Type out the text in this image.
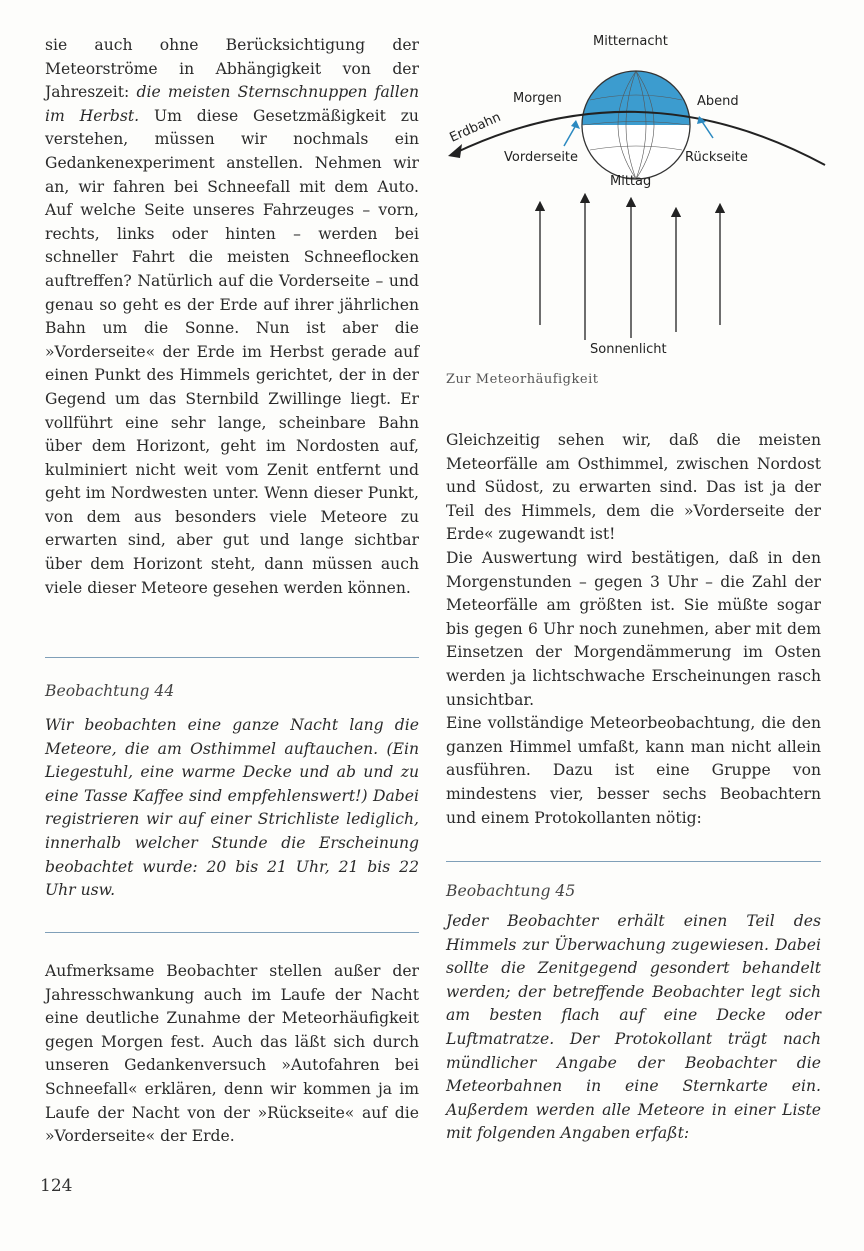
sie auch ohne Berücksichtigung der Meteorströme in Abhängigkeit von der Jahreszeit: die meisten Sternschnuppen fallen im Herbst. Um diese Gesetzmäßigkeit zu verstehen, müssen wir nochmals ein Gedankenexperiment anstellen. Nehmen wir an, wir fahren bei Schneefall mit dem Auto. Auf welche Seite unseres Fahrzeuges – vorn, rechts, links oder hinten – werden bei schneller Fahrt die meisten Schneeflocken auftreffen? Natürlich auf die Vorderseite – und genau so geht es der Erde auf ihrer jährlichen Bahn um die Sonne. Nun ist aber die »Vorderseite« der Erde im Herbst gerade auf einen Punkt des Himmels gerichtet, der in der Gegend um das Sternbild Zwillinge liegt. Er vollführt eine sehr lange, scheinbare Bahn über dem Horizont, geht im Nordosten auf, kulminiert nicht weit vom Zenit entfernt und geht im Nordwesten unter. Wenn dieser Punkt, von dem aus besonders viele Meteore zu erwarten sind, aber gut und lange sichtbar über dem Horizont steht, dann müssen auch viele dieser Meteore gesehen werden können.

Beobachtung 44
Wir beobachten eine ganze Nacht lang die Meteore, die am Osthimmel auftauchen. (Ein Liegestuhl, eine warme Decke und ab und zu eine Tasse Kaffee sind empfehlenswert!) Dabei registrieren wir auf einer Strichliste lediglich, innerhalb welcher Stunde die Erscheinung beobachtet wurde: 20 bis 21 Uhr, 21 bis 22 Uhr usw.
Aufmerksame Beobachter stellen außer der Jahresschwankung auch im Laufe der Nacht eine deutliche Zunahme der Meteorhäufigkeit gegen Morgen fest. Auch das läßt sich durch unseren Gedankenversuch »Autofahren bei Schneefall« erklären, denn wir kommen ja im Laufe der Nacht von der »Rückseite« auf die »Vorderseite« der Erde.
124
Mitternacht
Morgen	Abend
Erdbahn
Vorderseite	Rückseite
Mittag
Sonnenlicht
Zur Meteorhäufigkeit

Gleichzeitig sehen wir, daß die meisten Meteorfälle am Osthimmel, zwischen Nordost und Südost, zu erwarten sind. Das ist ja der Teil des Himmels, dem die »Vorderseite der Erde« zugewandt ist!

Die Auswertung wird bestätigen, daß in den Morgenstunden – gegen 3 Uhr – die Zahl der Meteorfälle am größten ist. Sie müßte sogar bis gegen 6 Uhr noch zunehmen, aber mit dem Einsetzen der Morgendämmerung im Osten werden ja lichtschwache Erscheinungen rasch unsichtbar.

Eine vollständige Meteorbeobachtung, die den ganzen Himmel umfaßt, kann man nicht allein ausführen. Dazu ist eine Gruppe von mindestens vier, besser sechs Beobachtern und einem Protokollanten nötig:

Beobachtung 45
Jeder Beobachter erhält einen Teil des Himmels zur Überwachung zugewiesen. Dabei sollte die Zenitgegend gesondert behandelt werden; der betreffende Beobachter legt sich am besten flach auf eine Decke oder Luftmatratze. Der Protokollant trägt nach mündlicher Angabe der Beobachter die Meteorbahnen in eine Sternkarte ein. Außerdem werden alle Meteore in einer Liste mit folgenden Angaben erfaßt:
